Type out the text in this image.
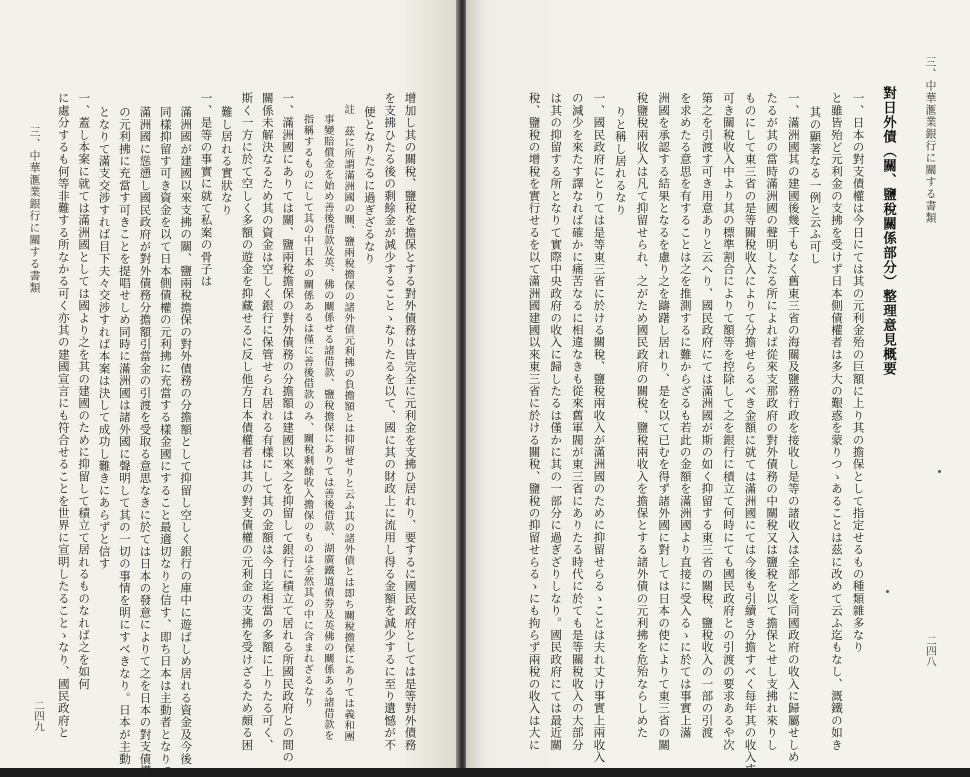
三、中華滙業銀行に關する書類
二四九	增加し其の關稅、鹽稅を擔保とする對外債務は皆完全に元利金を支拂ひ居れり、要するに國民政府としては是等對外債務
を支拂ひたる後の剩餘金が減少することゝなりたるを以て、國に其の財政上に流用し得る金額を減少するに至り遺憾が不
便となりたるに過ぎざるなり
註　茲に所謂滿洲國の關、鹽兩稅擔保の諸外債元利拂の負擔額とは抑留せりと云ふ其の諸外債とは即ち關稅擔保にありては義和團
事變賠償金を始め善後借款及英、佛の關係せる諸借款、鹽稅擔保にありては善後借款、湖廣鐵道債券及英佛の關係ある諸借款を
指稱するものにして其の中日本の關係あるは僅に善後借款のみ、關稅剩餘收入擔保のものは全然其の中に含まれざるなり
一、滿洲國にありては關、鹽兩稅擔保の對外債務の分擔額は建國以來之を抑留して銀行に積立て居れる所國民政府との間の
關係未解決なるため其の資金は空しく銀行に保管せられ居れる有樣にして其の金額は今日迄相當の多額に上りたる可く、
斯く一方に於て空しく多額の遊金を抑藏せるに反し他方日本債權者は其の對支債權の元利金の支拂を受けざるため頗る困
難し居れる實狀なり
一、是等の事實に就て私案の骨子は
滿洲國が建國以來支拂の關、鹽兩稅擔保の對外債務の分擔額として抑留し空しく銀行の庫中に遊ばしめ居れる資金及今後
同樣抑留す可き資金を以て日本側債權の元利拂に充當する樣金國にすること最適切なりと信す、即ち日本は主動者となりて
滿洲國に慫慂し國民政府が對外債務分擔額引當金の引渡を受取る意思なきに於ては日本の發意によりて之を日本の對支債權
の元利拂に充當す可きことを提唱せしめ同時に滿洲國は諸外國に聲明して其の一切の事情を明にすべきなり。日本が主動
となりて滿支交涉すれば目下夫々交涉すれば本案は決して成功し難きにあらずと信す
一、蓋し本案に就ては滿洲國としては國より之を其の建國のために抑留して積立て居れるものなれば之を如何
に處分するも何等非難する所なかる可く亦其の建國宣言にも符合せることを世界に宣明したることゝなり、國民政府と	三、中華滙業銀行に關する書類
二四八
對日外債（關、鹽稅關係部分）整理意見概要
一、日本の對支債權は今日にては其の元利金殆の巨額に上り其の擔保として指定せるもの種類雜多なり
と雖皆殆ど元利金の支拂を受けず日本側債權者は多大の艱惑を蒙りつゝあることは茲に改めて云ふ迄もなし、溉鐵の如き
其の顯著なる一例と云ふ可し
一、滿洲國其の建國後幾千もなく舊東三省の海關及鹽務行政を接收し是等の諸收入は全部之を同國政府の收入に歸屬せしめ
たるが其の當時滿洲國の聲明したる所によれば從來支那政府の對外債務の中關稅又は鹽稅を以て擔保とせし支拂れ來りし
ものにして東三省の是等關稅收入によりて分擔せらるべき金額に就ては滿洲國にては今後も引續き分擔すべく每年其の收入す
可き關稅收入中より其の標準割合によりて額等を控除して之を銀行に積立て何時にても國民政府との引渡の要求あるや次
第之を引渡す可き用意ありと云へり、國民政府にては滿洲國が斯の如く抑留する東三省の關稅、鹽稅收入の一部の引渡
を求めたる意思を有することは之を推測するに難からざるも若此の金額を滿洲國より直接に受入るゝに於ては事實上滿
洲國を承認する結果となるを慮り之を躊躇し居れり、是を以て已むを得ず諸外國に對しては日本の使によりて東三省の關
稅鹽稅兩收入は凡て抑留せられ、之がため國民政府の關稅、鹽稅兩收入を擔保とする諸外債の元利拂を危殆ならしめた
りと稱し居れるなり
一、國民政府にとりては是等東三省に於ける關稅、鹽稅兩收入が滿洲國のために抑留せらるゝことは夫れ丈け事實上兩收入
の減少を來たす譯なれば確かに痛苦なるに相違なきも從來舊軍閥が東三省にありたる時代に於ても是等關稅收入の大部分
は其の抑留する所となりて實際中央政府の收入に歸したるは僅かに其の一部分に過ぎざりしなり。國民政府にては最近關
稅、鹽稅の增稅を實行せるを以て滿洲國建國以來東三省に於ける關稅、鹽稅の抑留せらるゝにも拘らず兩稅の收入は大に
